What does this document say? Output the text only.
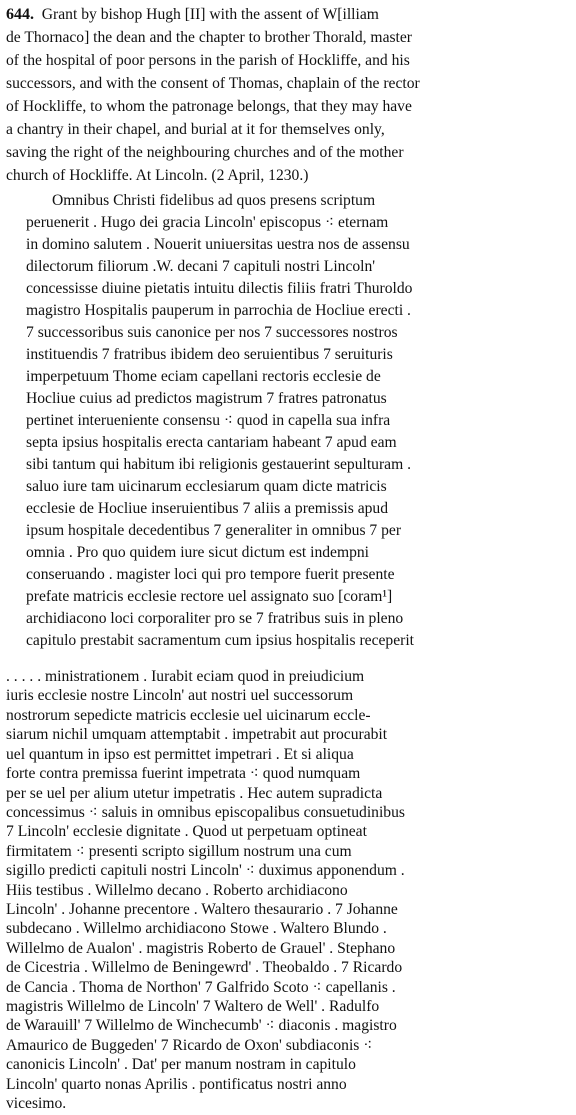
644. Grant by bishop Hugh [II] with the assent of W[illiam
de Thornaco] the dean and the chapter to brother Thorald, master
of the hospital of poor persons in the parish of Hockliffe, and his
successors, and with the consent of Thomas, chaplain of the rector
of Hockliffe, to whom the patronage belongs, that they may have
a chantry in their chapel, and burial at it for themselves only,
saving the right of the neighbouring churches and of the mother
church of Hockliffe. At Lincoln. (2 April, 1230.)
Omnibus Christi fidelibus ad quos presens scriptum
peruenerit . Hugo dei gracia Lincoln' episcopus ⁖ eternam
in domino salutem . Nouerit uniuersitas uestra nos de assensu
dilectorum filiorum .W. decani 7 capituli nostri Lincoln'
concessisse diuine pietatis intuitu dilectis filiis fratri Thuroldo
magistro Hospitalis pauperum in parrochia de Hocliue erecti .
7 successoribus suis canonice per nos 7 successores nostros
instituendis 7 fratribus ibidem deo seruientibus 7 seruituris
imperpetuum Thome eciam capellani rectoris ecclesie de
Hocliue cuius ad predictos magistrum 7 fratres patronatus
pertinet interueniente consensu ⁖ quod in capella sua infra
septa ipsius hospitalis erecta cantariam habeant 7 apud eam
sibi tantum qui habitum ibi religionis gestauerint sepulturam .
saluo iure tam uicinarum ecclesiarum quam dicte matricis
ecclesie de Hocliue inseruientibus 7 aliis a premissis apud
ipsum hospitale decedentibus 7 generaliter in omnibus 7 per
omnia . Pro quo quidem iure sicut dictum est indempni
conseruando . magister loci qui pro tempore fuerit presente
prefate matricis ecclesie rectore uel assignato suo [coram¹]
archidiacono loci corporaliter pro se 7 fratribus suis in pleno
capitulo prestabit sacramentum cum ipsius hospitalis receperit
. . . . . ministrationem . Iurabit eciam quod in preiudicium
iuris ecclesie nostre Lincoln' aut nostri uel successorum
nostrorum sepedicte matricis ecclesie uel uicinarum eccle-
siarum nichil umquam attemptabit . impetrabit aut procurabit
uel quantum in ipso est permittet impetrari . Et si aliqua
forte contra premissa fuerint impetrata ⁖ quod numquam
per se uel per alium utetur impetratis . Hec autem supradicta
concessimus ⁖ saluis in omnibus episcopalibus consuetudinibus
7 Lincoln' ecclesie dignitate . Quod ut perpetuam optineat
firmitatem ⁖ presenti scripto sigillum nostrum una cum
sigillo predicti capituli nostri Lincoln' ⁖ duximus apponendum .
Hiis testibus . Willelmo decano . Roberto archidiacono
Lincoln' . Johanne precentore . Waltero thesaurario . 7 Johanne
subdecano . Willelmo archidiacono Stowe . Waltero Blundo .
Willelmo de Aualon' . magistris Roberto de Grauel' . Stephano
de Cicestria . Willelmo de Beningewrd' . Theobaldo . 7 Ricardo
de Cancia . Thoma de Northon' 7 Galfrido Scoto ⁖ capellanis .
magistris Willelmo de Lincoln' 7 Waltero de Well' . Radulfo
de Warauill' 7 Willelmo de Winchecumb' ⁖ diaconis . magistro
Amaurico de Buggeden' 7 Ricardo de Oxon' subdiaconis ⁖
canonicis Lincoln' . Dat' per manum nostram in capitulo
Lincoln' quarto nonas Aprilis . pontificatus nostri anno
vicesimo.
